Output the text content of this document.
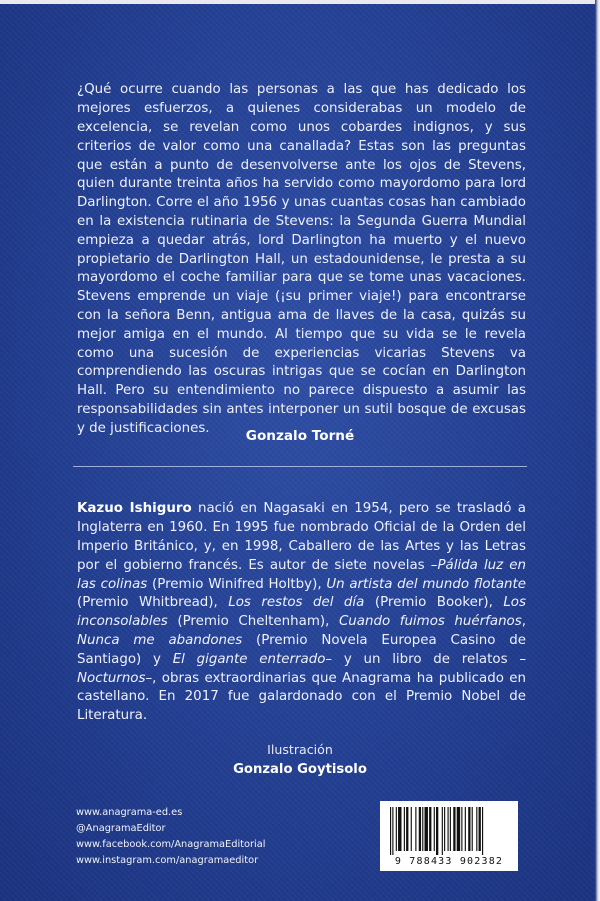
¿Qué ocurre cuando las personas a las que has dedicado los mejores esfuerzos, a quienes considerabas un modelo de excelencia, se revelan como unos cobardes indignos, y sus criterios de valor como una canallada? Estas son las preguntas que están a punto de desenvolverse ante los ojos de Stevens, quien durante treinta años ha servido como mayordomo para lord Darlington. Corre el año 1956 y unas cuantas cosas han cambiado en la existencia rutinaria de Stevens: la Segunda Guerra Mundial empieza a quedar atrás, lord Darlington ha muerto y el nuevo propietario de Darlington Hall, un estadounidense, le presta a su mayordomo el coche familiar para que se tome unas vacaciones. Stevens emprende un viaje (¡su primer viaje!) para encontrarse con la señora Benn, antigua ama de llaves de la casa, quizás su mejor amiga en el mundo. Al tiempo que su vida se le revela como una sucesión de experiencias vicarias Stevens va comprendiendo las oscuras intrigas que se cocían en Darlington Hall. Pero su entendimiento no parece dispuesto a asumir las responsabilidades sin antes interponer un sutil bosque de excusas y de justificaciones.	Gonzalo Torné

Kazuo Ishiguro nació en Nagasaki en 1954, pero se trasladó a Inglaterra en 1960. En 1995 fue nombrado Oficial de la Orden del Imperio Británico, y, en 1998, Caballero de las Artes y las Letras por el gobierno francés. Es autor de siete novelas –Pálida luz en las colinas (Premio Winifred Holtby), Un artista del mundo flotante (Premio Whitbread), Los restos del día (Premio Booker), Los inconsolables (Premio Cheltenham), Cuando fuimos huérfanos, Nunca me abandones (Premio Novela Europea Casino de Santiago) y El gigante enterrado– y un libro de relatos –Nocturnos–, obras extraordinarias que Anagrama ha publicado en castellano. En 2017 fue galardonado con el Premio Nobel de Literatura.

Ilustración
Gonzalo Goytisolo
www.anagrama-ed.es
@AnagramaEditor
www.facebook.com/AnagramaEditorial
www.instagram.com/anagramaeditor	9 788433 902382
